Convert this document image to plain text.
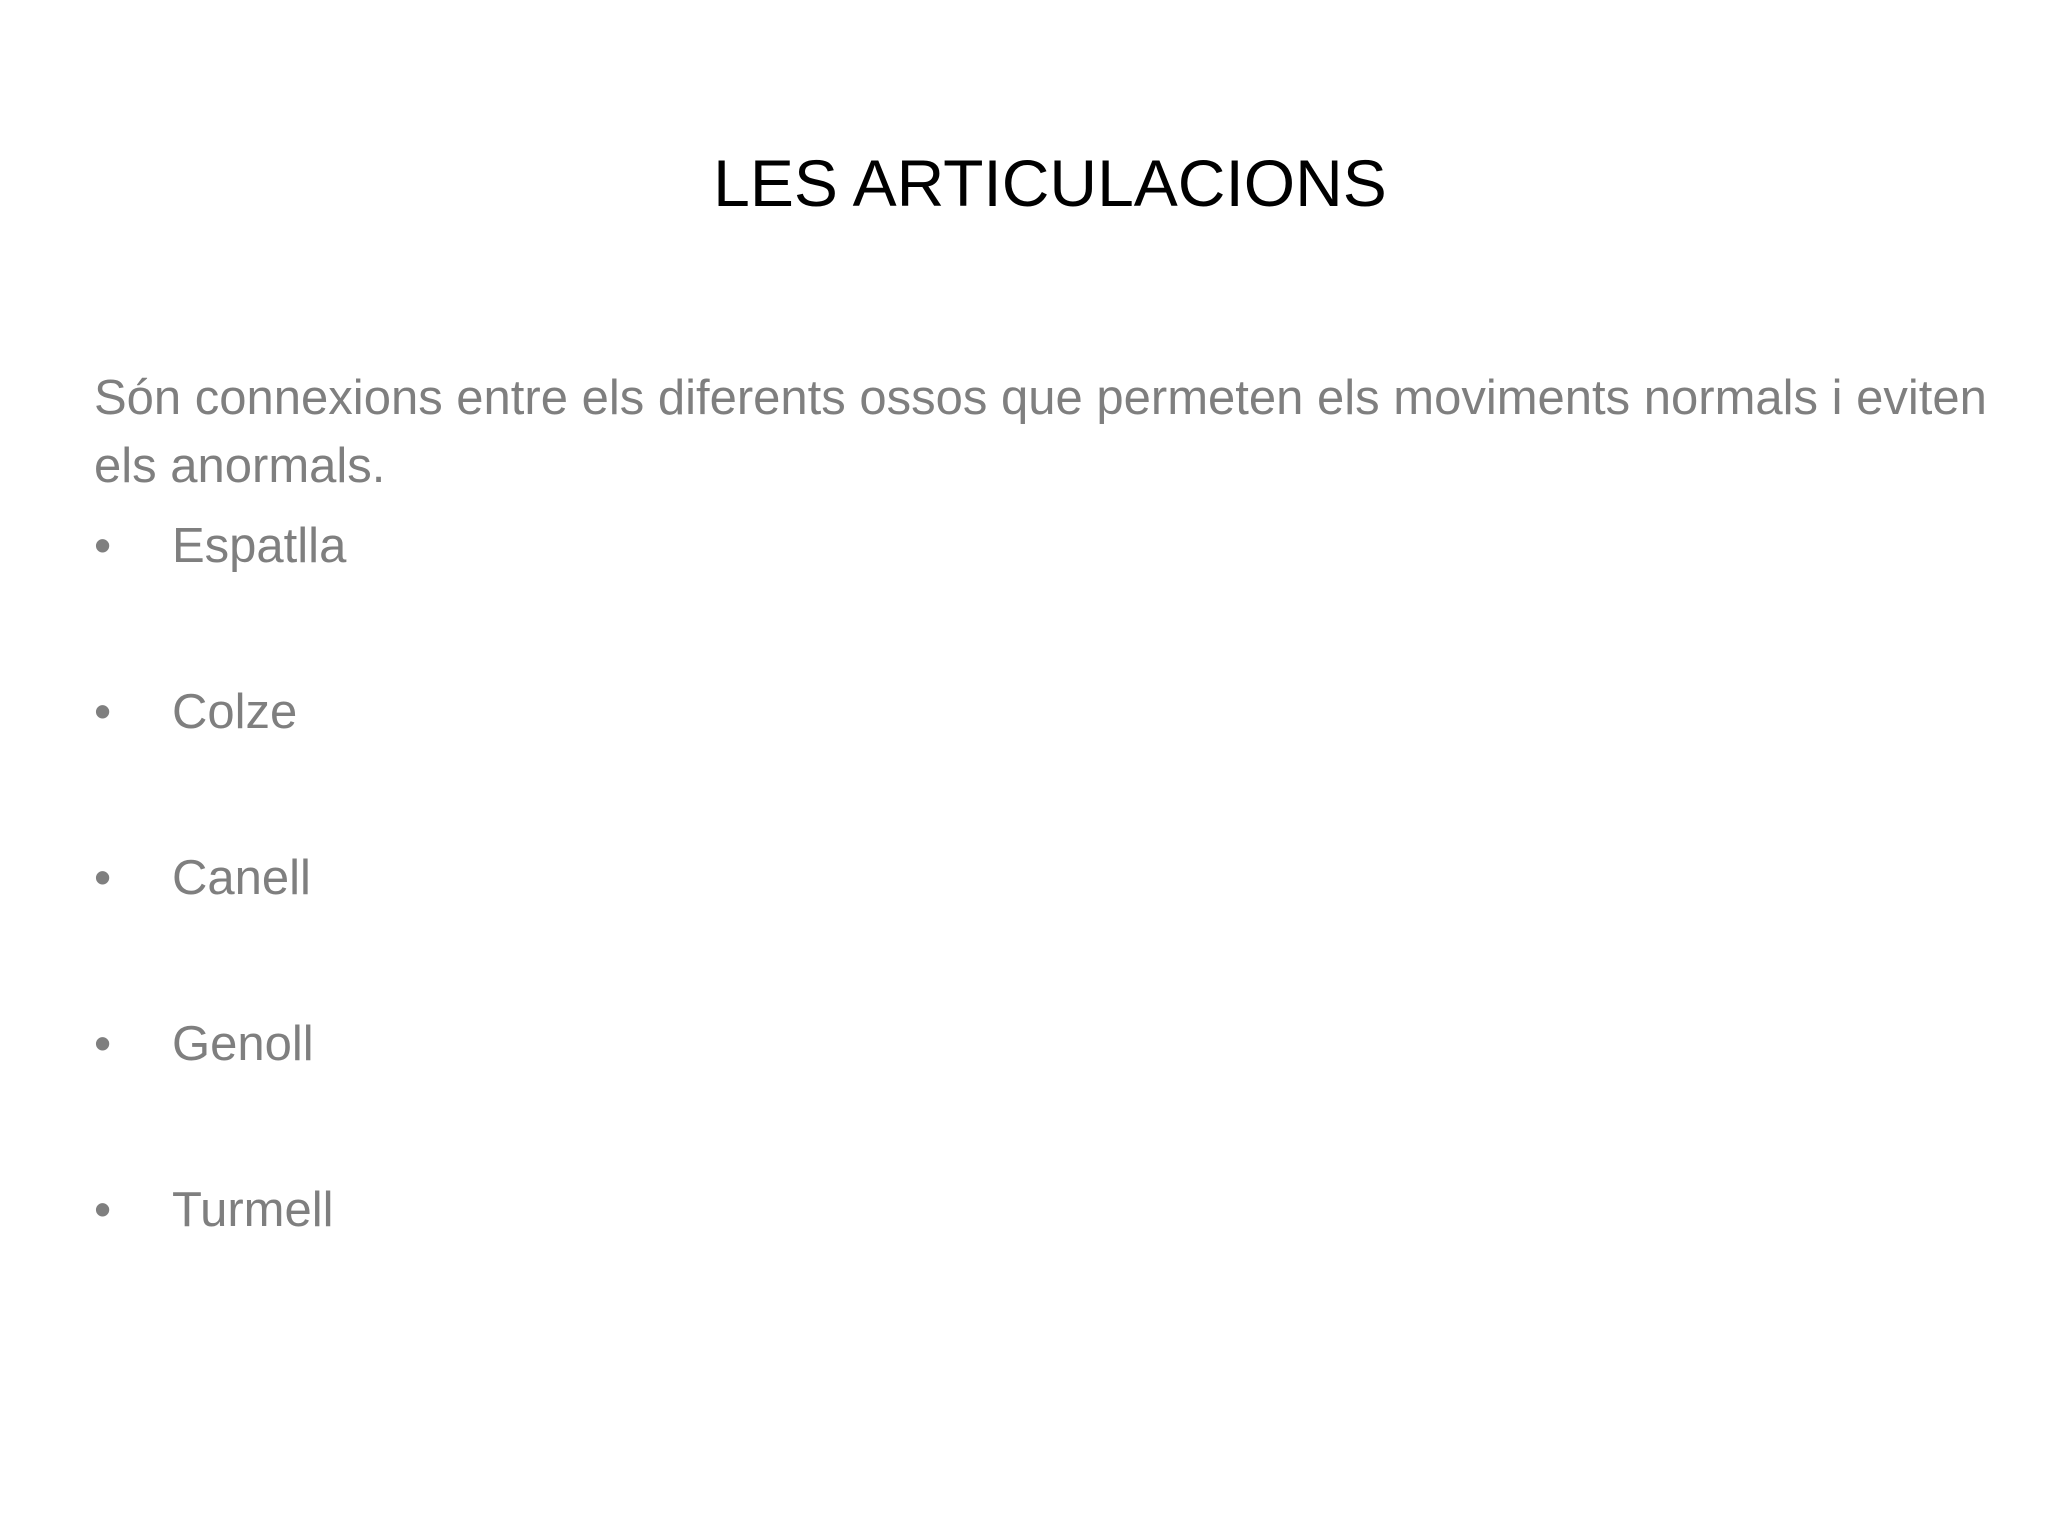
LES ARTICULACIONS
Són connexions entre els diferents ossos que permeten els moviments normals i eviten els anormals.
•	Espatlla
•	Colze
•	Canell
•	Genoll
•	Turmell
